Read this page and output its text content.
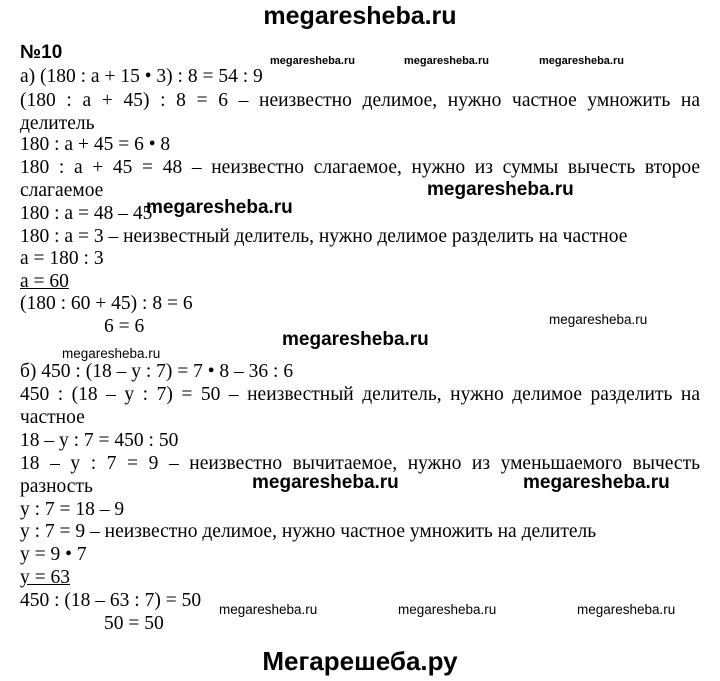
megaresheba.ru
№10
а) (180 : а + 15 • 3) : 8 = 54 : 9
(180 : а + 45) : 8 = 6 – неизвестно делимое, нужно частное умножить на
делитель
180 : а + 45 = 6 • 8
180 : а + 45 = 48 – неизвестно слагаемое, нужно из суммы вычесть второе
слагаемое
180 : а = 48 – 45
180 : а = 3 – неизвестный делитель, нужно делимое разделить на частное
а = 180 : 3
а = 60
(180 : 60 + 45) : 8 = 6
6 = 6
б) 450 : (18 – у : 7) = 7 • 8 – 36 : 6
450 : (18 – у : 7) = 50 – неизвестный делитель, нужно делимое разделить на
частное
18 – у : 7 = 450 : 50
18 – у : 7 = 9 – неизвестно вычитаемое, нужно из уменьшаемого вычесть
разность
у : 7 = 18 – 9
у : 7 = 9 – неизвестно делимое, нужно частное умножить на делитель
у = 9 • 7
у = 63
450 : (18 – 63 : 7) = 50
50 = 50
megaresheba.ru	megaresheba.ru	megaresheba.ru
megaresheba.ru
megaresheba.ru
megaresheba.ru
megaresheba.ru
megaresheba.ru
megaresheba.ru	megaresheba.ru
megaresheba.ru	megaresheba.ru	megaresheba.ru
Мегарешеба.ру
